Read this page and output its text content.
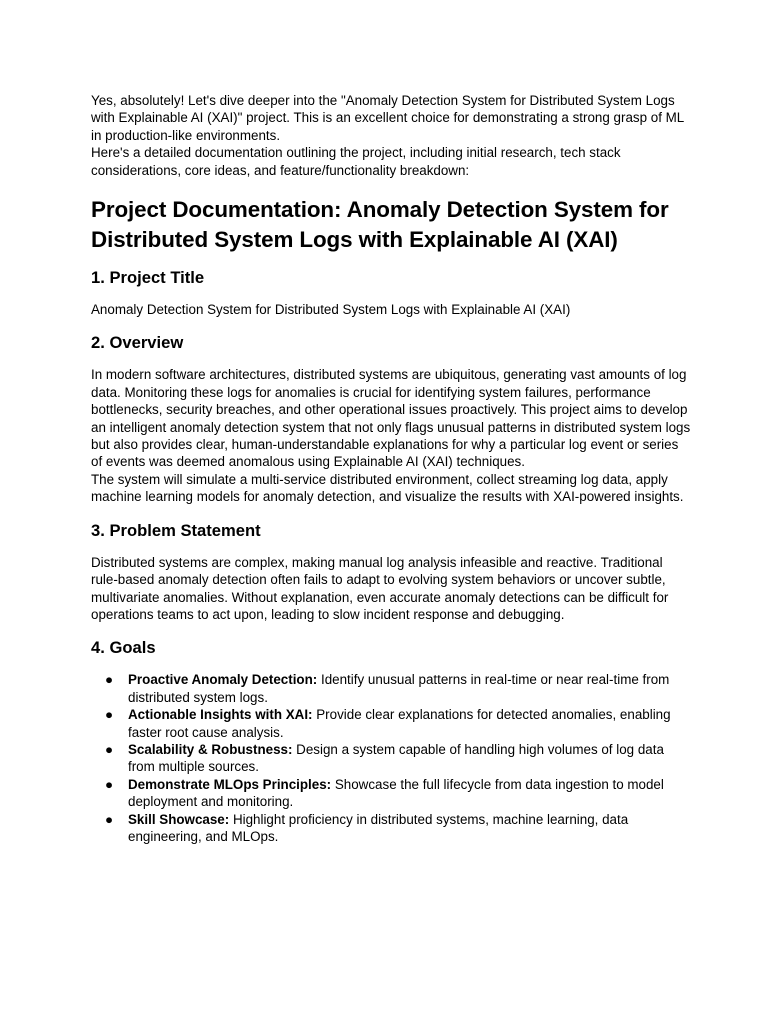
Yes, absolutely! Let's dive deeper into the "Anomaly Detection System for Distributed System Logs with Explainable AI (XAI)" project. This is an excellent choice for demonstrating a strong grasp of ML in production-like environments.

Here's a detailed documentation outlining the project, including initial research, tech stack considerations, core ideas, and feature/functionality breakdown:

Project Documentation: Anomaly Detection System for Distributed System Logs with Explainable AI (XAI)
1. Project Title

Anomaly Detection System for Distributed System Logs with Explainable AI (XAI)

2. Overview

In modern software architectures, distributed systems are ubiquitous, generating vast amounts of log data. Monitoring these logs for anomalies is crucial for identifying system failures, performance bottlenecks, security breaches, and other operational issues proactively. This project aims to develop an intelligent anomaly detection system that not only flags unusual patterns in distributed system logs but also provides clear, human-understandable explanations for why a particular log event or series of events was deemed anomalous using Explainable AI (XAI) techniques.

The system will simulate a multi-service distributed environment, collect streaming log data, apply machine learning models for anomaly detection, and visualize the results with XAI-powered insights.

3. Problem Statement

Distributed systems are complex, making manual log analysis infeasible and reactive. Traditional rule-based anomaly detection often fails to adapt to evolving system behaviors or uncover subtle, multivariate anomalies. Without explanation, even accurate anomaly detections can be difficult for operations teams to act upon, leading to slow incident response and debugging.

4. Goals
● Proactive Anomaly Detection: Identify unusual patterns in real-time or near real-time from distributed system logs.
● Actionable Insights with XAI: Provide clear explanations for detected anomalies, enabling faster root cause analysis.
● Scalability & Robustness: Design a system capable of handling high volumes of log data from multiple sources.
● Demonstrate MLOps Principles: Showcase the full lifecycle from data ingestion to model deployment and monitoring.
● Skill Showcase: Highlight proficiency in distributed systems, machine learning, data engineering, and MLOps.
